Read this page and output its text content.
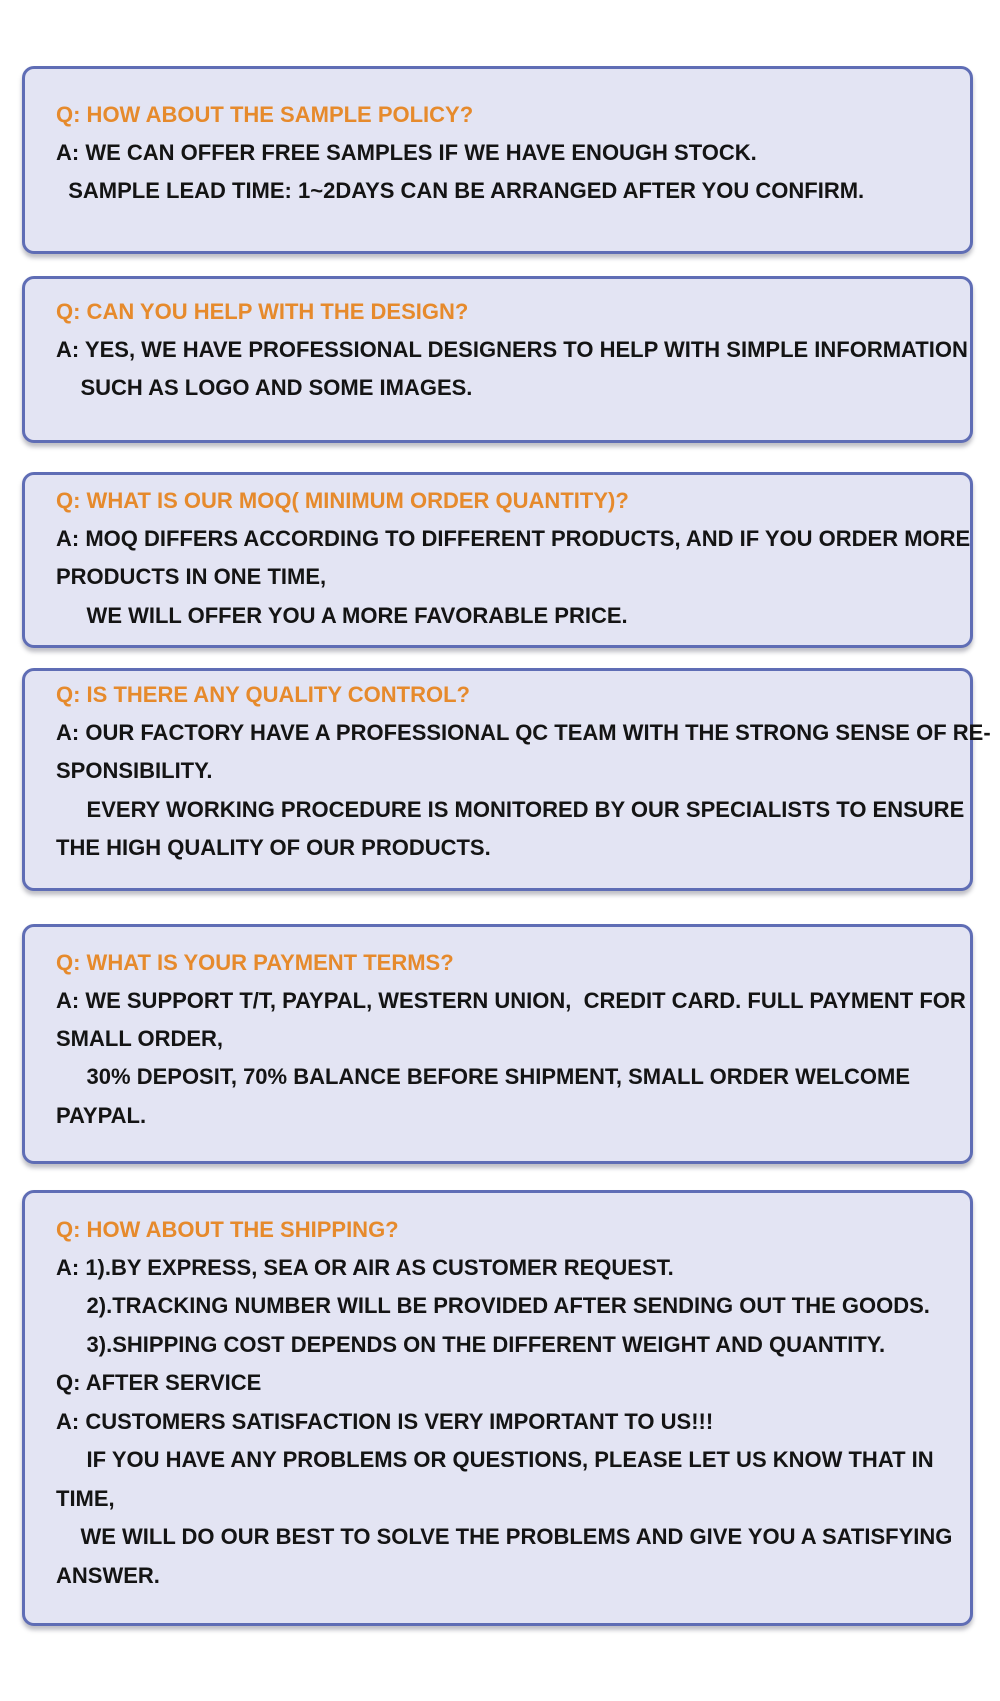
Q: HOW ABOUT THE SAMPLE POLICY?
A: WE CAN OFFER FREE SAMPLES IF WE HAVE ENOUGH STOCK.
SAMPLE LEAD TIME: 1~2DAYS CAN BE ARRANGED AFTER YOU CONFIRM.
Q: CAN YOU HELP WITH THE DESIGN?
A: YES, WE HAVE PROFESSIONAL DESIGNERS TO HELP WITH SIMPLE INFORMATION
SUCH AS LOGO AND SOME IMAGES.
Q: WHAT IS OUR MOQ( MINIMUM ORDER QUANTITY)?
A: MOQ DIFFERS ACCORDING TO DIFFERENT PRODUCTS, AND IF YOU ORDER MORE
PRODUCTS IN ONE TIME,
WE WILL OFFER YOU A MORE FAVORABLE PRICE.
Q: IS THERE ANY QUALITY CONTROL?
A: OUR FACTORY HAVE A PROFESSIONAL QC TEAM WITH THE STRONG SENSE OF RE-
SPONSIBILITY.
EVERY WORKING PROCEDURE IS MONITORED BY OUR SPECIALISTS TO ENSURE
THE HIGH QUALITY OF OUR PRODUCTS.
Q: WHAT IS YOUR PAYMENT TERMS?
A: WE SUPPORT T/T, PAYPAL, WESTERN UNION,  CREDIT CARD. FULL PAYMENT FOR
SMALL ORDER,
30% DEPOSIT, 70% BALANCE BEFORE SHIPMENT, SMALL ORDER WELCOME
PAYPAL.
Q: HOW ABOUT THE SHIPPING?
A: 1).BY EXPRESS, SEA OR AIR AS CUSTOMER REQUEST.
2).TRACKING NUMBER WILL BE PROVIDED AFTER SENDING OUT THE GOODS.
3).SHIPPING COST DEPENDS ON THE DIFFERENT WEIGHT AND QUANTITY.
Q: AFTER SERVICE
A: CUSTOMERS SATISFACTION IS VERY IMPORTANT TO US!!!
IF YOU HAVE ANY PROBLEMS OR QUESTIONS, PLEASE LET US KNOW THAT IN
TIME,
WE WILL DO OUR BEST TO SOLVE THE PROBLEMS AND GIVE YOU A SATISFYING
ANSWER.
